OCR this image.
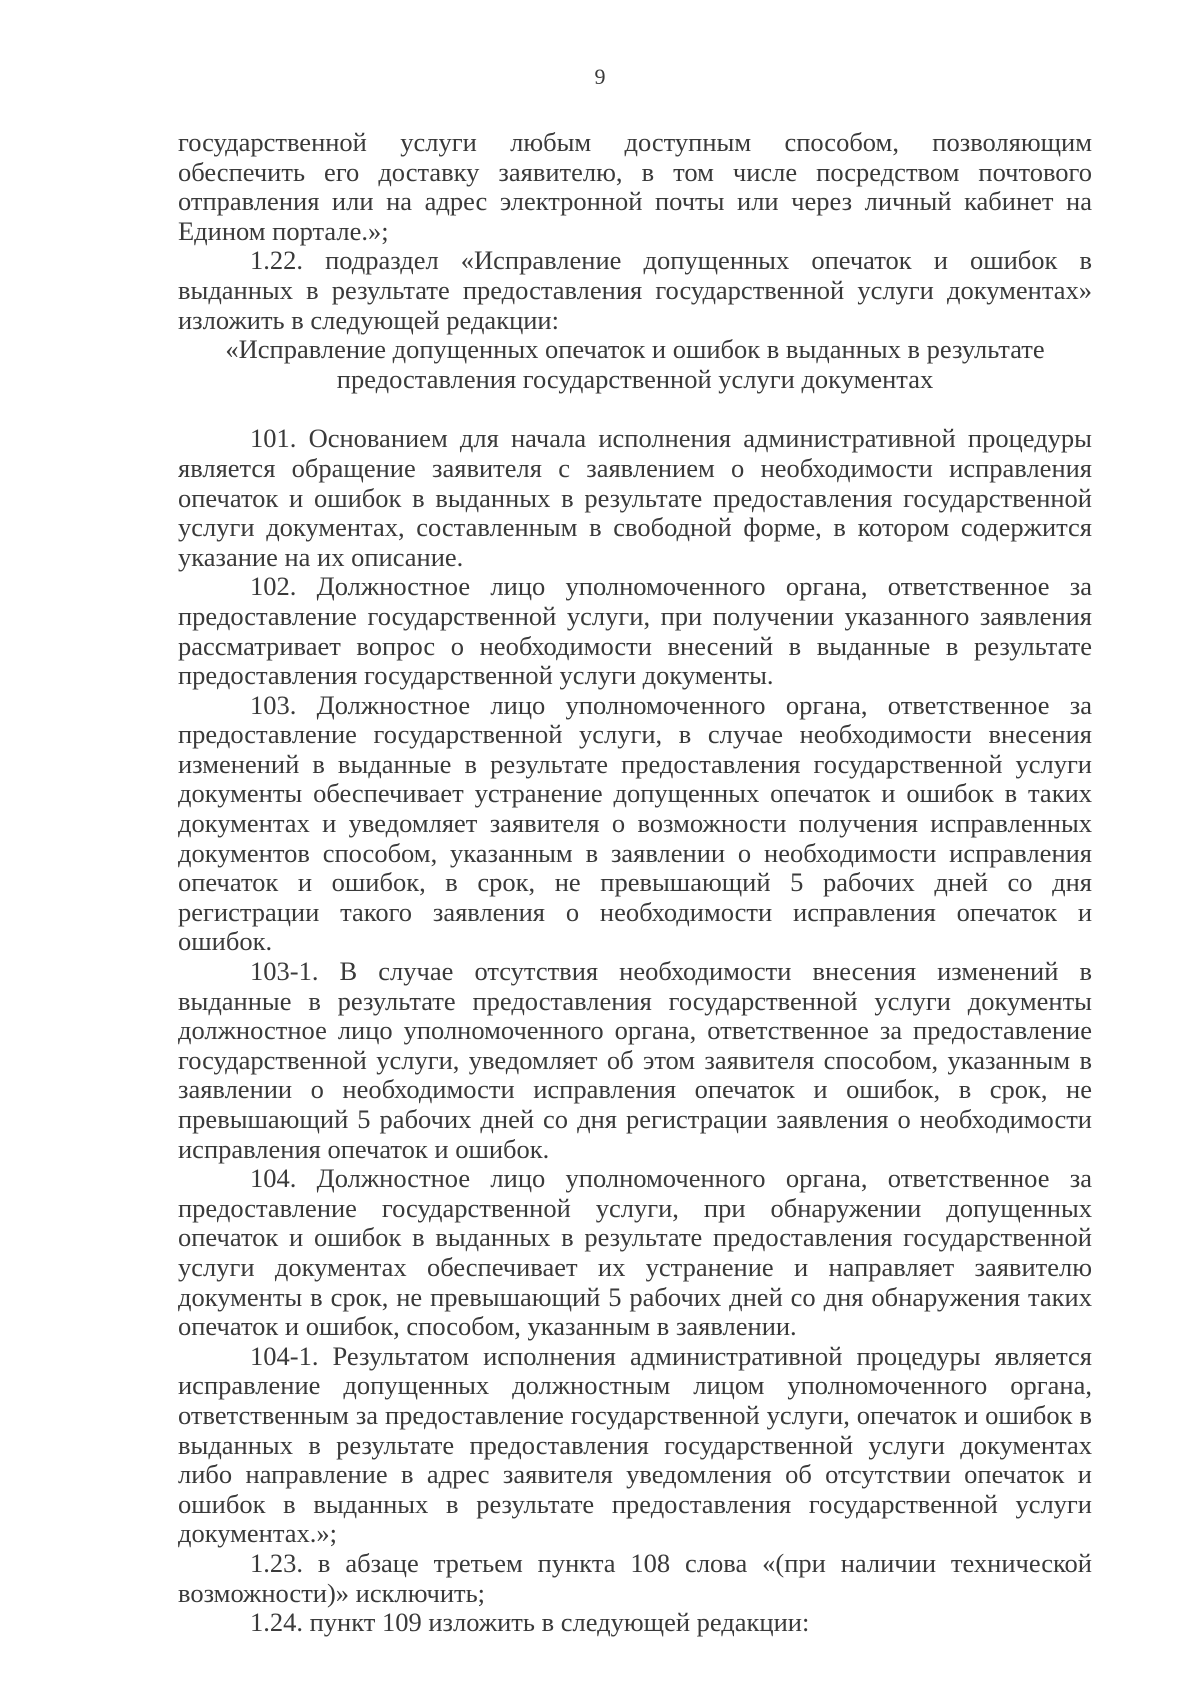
9

государственной услуги любым доступным способом, позволяющим обеспечить его доставку заявителю, в том числе посредством почтового отправления или на адрес электронной почты или через личный кабинет на Едином портале.»;

1.22. подраздел «Исправление допущенных опечаток и ошибок в выданных в результате предоставления государственной услуги документах» изложить в следующей редакции:

«Исправление допущенных опечаток и ошибок в выданных в результате предоставления государственной услуги документах

101. Основанием для начала исполнения административной процедуры является обращение заявителя с заявлением о необходимости исправления опечаток и ошибок в выданных в результате предоставления государственной услуги документах, составленным в свободной форме, в котором содержится указание на их описание.

102. Должностное лицо уполномоченного органа, ответственное за предоставление государственной услуги, при получении указанного заявления рассматривает вопрос о необходимости внесений в выданные в результате предоставления государственной услуги документы.

103. Должностное лицо уполномоченного органа, ответственное за предоставление государственной услуги, в случае необходимости внесения изменений в выданные в результате предоставления государственной услуги документы обеспечивает устранение допущенных опечаток и ошибок в таких документах и уведомляет заявителя о возможности получения исправленных документов способом, указанным в заявлении о необходимости исправления опечаток и ошибок, в срок, не превышающий 5 рабочих дней со дня регистрации такого заявления о необходимости исправления опечаток и ошибок.

103-1. В случае отсутствия необходимости внесения изменений в выданные в результате предоставления государственной услуги документы должностное лицо уполномоченного органа, ответственное за предоставление государственной услуги, уведомляет об этом заявителя способом, указанным в заявлении о необходимости исправления опечаток и ошибок, в срок, не превышающий 5 рабочих дней со дня регистрации заявления о необходимости исправления опечаток и ошибок.

104. Должностное лицо уполномоченного органа, ответственное за предоставление государственной услуги, при обнаружении допущенных опечаток и ошибок в выданных в результате предоставления государственной услуги документах обеспечивает их устранение и направляет заявителю документы в срок, не превышающий 5 рабочих дней со дня обнаружения таких опечаток и ошибок, способом, указанным в заявлении.

104-1. Результатом исполнения административной процедуры является исправление допущенных должностным лицом уполномоченного органа, ответственным за предоставление государственной услуги, опечаток и ошибок в выданных в результате предоставления государственной услуги документах либо направление в адрес заявителя уведомления об отсутствии опечаток и ошибок в выданных в результате предоставления государственной услуги документах.»;

1.23. в абзаце третьем пункта 108 слова «(при наличии технической возможности)» исключить;

1.24. пункт 109 изложить в следующей редакции:
